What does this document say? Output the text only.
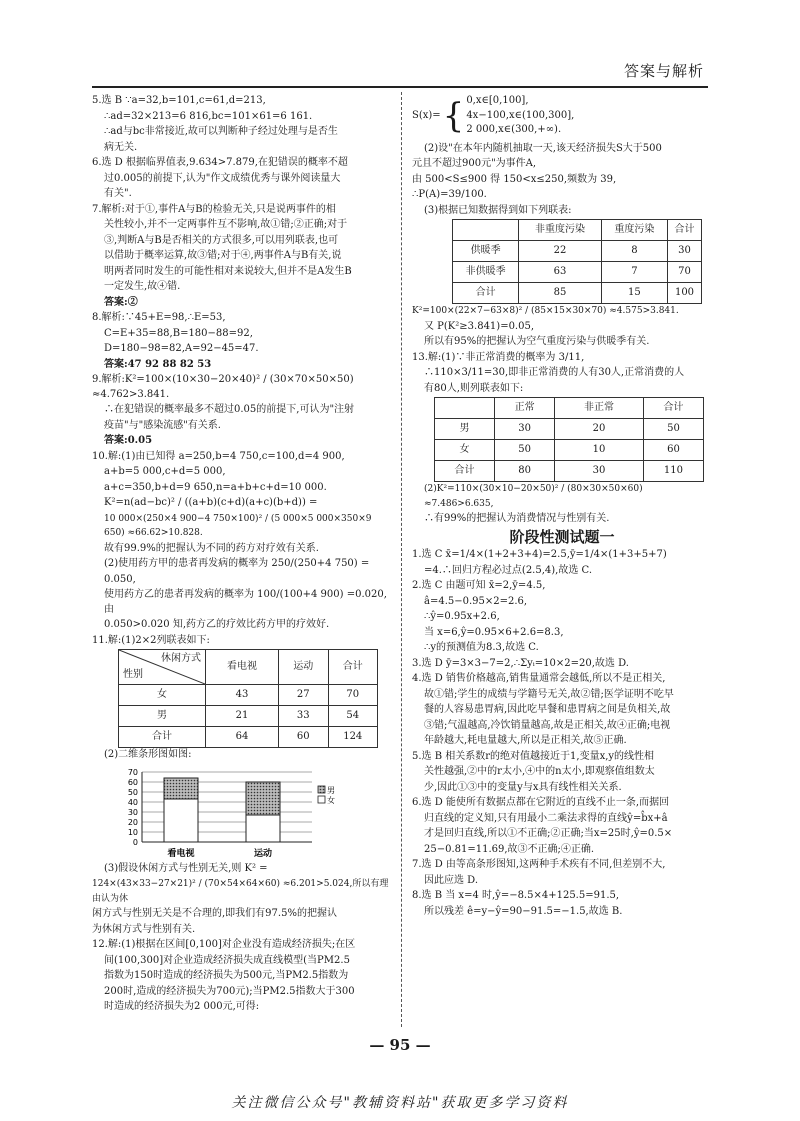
答案与解析

5.选 B ∵a=32,b=101,c=61,d=213,

∴ad=32×213=6 816,bc=101×61=6 161.

∴ad与bc非常接近,故可以判断种子经过处理与是否生

病无关.

6.选 D 根据临界值表,9.634>7.879,在犯错误的概率不超

过0.005的前提下,认为"作文成绩优秀与课外阅读量大

有关".

7.解析:对于①,事件A与B的检验无关,只是说两事件的相

关性较小,并不一定两事件互不影响,故①错;②正确;对于

③,判断A与B是否相关的方式很多,可以用列联表,也可

以借助于概率运算,故③错;对于④,两事件A与B有关,说

明两者同时发生的可能性相对来说较大,但并不是A发生B

一定发生,故④错.

答案:②

8.解析:∵45+E=98,∴E=53,

C=E+35=88,B=180−88=92,

D=180−98=82,A=92−45=47.

答案:47 92 88 82 53

9.解析:K²=100×(10×30−20×40)² / (30×70×50×50) ≈4.762>3.841.

∴在犯错误的概率最多不超过0.05的前提下,可认为"注射

疫苗"与"感染流感"有关系.

答案:0.05

10.解:(1)由已知得 a=250,b=4 750,c=100,d=4 900,

a+b=5 000,c+d=5 000,

a+c=350,b+d=9 650,n=a+b+c+d=10 000.

K²=n(ad−bc)² / ((a+b)(c+d)(a+c)(b+d)) =

10 000×(250×4 900−4 750×100)² / (5 000×5 000×350×9 650) ≈66.62>10.828.

故有99.9%的把握认为不同的药方对疗效有关系.

(2)使用药方甲的患者再发病的概率为 250/(250+4 750) =

0.050,

使用药方乙的患者再发病的概率为 100/(100+4 900) =0.020,由

0.050>0.020 知,药方乙的疗效比药方甲的疗效好.

11.解:(1)2×2列联表如下:

休闲方式
性别	看电视	运动	合计
女	43	27	70
男	21	33	54
合计	64	60	124

(2)二维条形图如图:

0
10
20
30
40
50
60
70
看电视	运动
男
女

(3)假设休闲方式与性别无关,则 K² =

124×(43×33−27×21)² / (70×54×64×60) ≈6.201>5.024,所以有理由认为休

闲方式与性别无关是不合理的,即我们有97.5%的把握认

为休闲方式与性别有关.

12.解:(1)根据在区间[0,100]对企业没有造成经济损失;在区

间(100,300]对企业造成经济损失成直线模型(当PM2.5

指数为150时造成的经济损失为500元,当PM2.5指数为

200时,造成的经济损失为700元);当PM2.5指数大于300

时造成的经济损失为2 000元,可得:

S(x)= { 0,x∈[0,100],
4x−100,x∈(100,300],
2 000,x∈(300,+∞).

(2)设"在本年内随机抽取一天,该天经济损失S大于500

元且不超过900元"为事件A,

由 500<S≤900 得 150<x≤250,频数为 39,

∴P(A)=39/100.

(3)根据已知数据得到如下列联表:

	非重度污染	重度污染	合计
供暖季	22	8	30
非供暖季	63	7	70
合计	85	15	100

K²=100×(22×7−63×8)² / (85×15×30×70) ≈4.575>3.841.

又 P(K²≥3.841)=0.05,

所以有95%的把握认为空气重度污染与供暖季有关.

13.解:(1)∵非正常消费的概率为 3/11,

∴110×3/11=30,即非正常消费的人有30人,正常消费的人

有80人,则列联表如下:

	正常	非正常	合计
男	30	20	50
女	50	10	60
合计	80	30	110

(2)K²=110×(30×10−20×50)² / (80×30×50×60) ≈7.486>6.635,

∴有99%的把握认为消费情况与性别有关.

阶段性测试题一

1.选 C x̄=1/4×(1+2+3+4)=2.5,ȳ=1/4×(1+3+5+7)

=4.∴回归方程必过点(2.5,4),故选 C.

2.选 C 由题可知 x̄=2,ȳ=4.5,

â=4.5−0.95×2=2.6,

∴ŷ=0.95x+2.6,

当 x=6,ŷ=0.95×6+2.6=8.3,

∴y的预测值为8.3,故选 C.

3.选 D ȳ=3×3−7=2,∴Σyᵢ=10×2=20,故选 D.

4.选 D 销售价格越高,销售量通常会越低,所以不是正相关,

故①错;学生的成绩与学籍号无关,故②错;医学证明不吃早

餐的人容易患胃病,因此吃早餐和患胃病之间是负相关,故

③错;气温越高,冷饮销量越高,故是正相关,故④正确;电视

年龄越大,耗电量越大,所以是正相关,故⑤正确.

5.选 B 相关系数r的绝对值越接近于1,变量x,y的线性相

关性越强,②中的r太小,④中的n太小,即观察值组数太

少,因此①③中的变量y与x具有线性相关关系.

6.选 D 能使所有数据点都在它附近的直线不止一条,而据回

归直线的定义知,只有用最小二乘法求得的直线ŷ=b̂x+â

才是回归直线,所以①不正确;②正确;当x=25时,ŷ=0.5×

25−0.81=11.69,故③不正确;④正确.

7.选 D 由等高条形图知,这两种手术疾有不同,但差别不大,

因此应选 D.

8.选 B 当 x=4 时,ŷ=−8.5×4+125.5=91.5,

所以残差 ê=y−ŷ=90−91.5=−1.5,故选 B.

— 95 —
关注微信公众号"教辅资料站"获取更多学习资料
